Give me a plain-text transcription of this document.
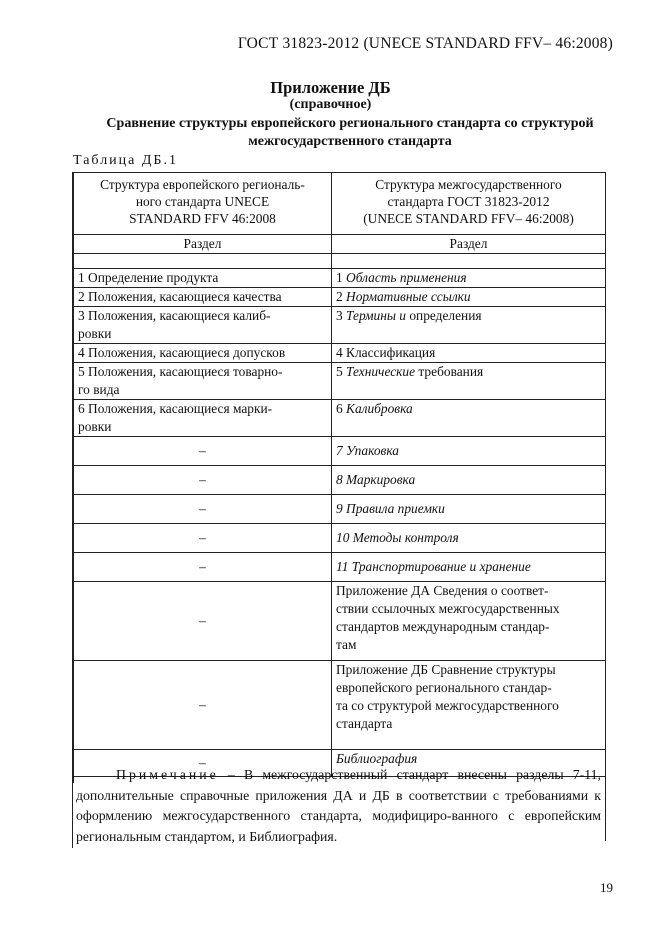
ГОСТ 31823-2012 (UNECE STANDARD FFV– 46:2008)
Приложение ДБ
(справочное)
Сравнение структуры европейского регионального стандарта со структурой
межгосударственного стандарта
Таблица ДБ.1
Структура европейского региональ-
ного стандарта UNECE
STANDARD FFV 46:2008	Структура межгосударственного
стандарта ГОСТ 31823-2012
(UNECE STANDARD FFV– 46:2008)
Раздел	Раздел

1 Определение продукта	1 Область применения
2 Положения, касающиеся качества	2 Нормативные ссылки
3 Положения, касающиеся калиб-
ровки	3 Термины и определения
4 Положения, касающиеся допусков	4 Классификация
5 Положения, касающиеся товарно-
го вида	5 Технические требования
6 Положения, касающиеся марки-
ровки	6 Калибровка
–	7 Упаковка
–	8 Маркировка
–	9 Правила приемки
–	10 Методы контроля
–	11 Транспортирование и хранение
–	Приложение ДА Сведения о соответ-
ствии ссылочных межгосударственных
стандартов международным стандар-
там
–	Приложение ДБ Сравнение структуры
европейского регионального стандар-
та со структурой межгосударственного
стандарта
–	Библиография

Примечание – В межгосударственный стандарт внесены разделы 7-11, дополнительные справочные приложения ДА и ДБ в соответствии с требованиями к оформлению межгосударственного стандарта, модифициро-ванного с европейским региональным стандартом, и Библиография.
19
